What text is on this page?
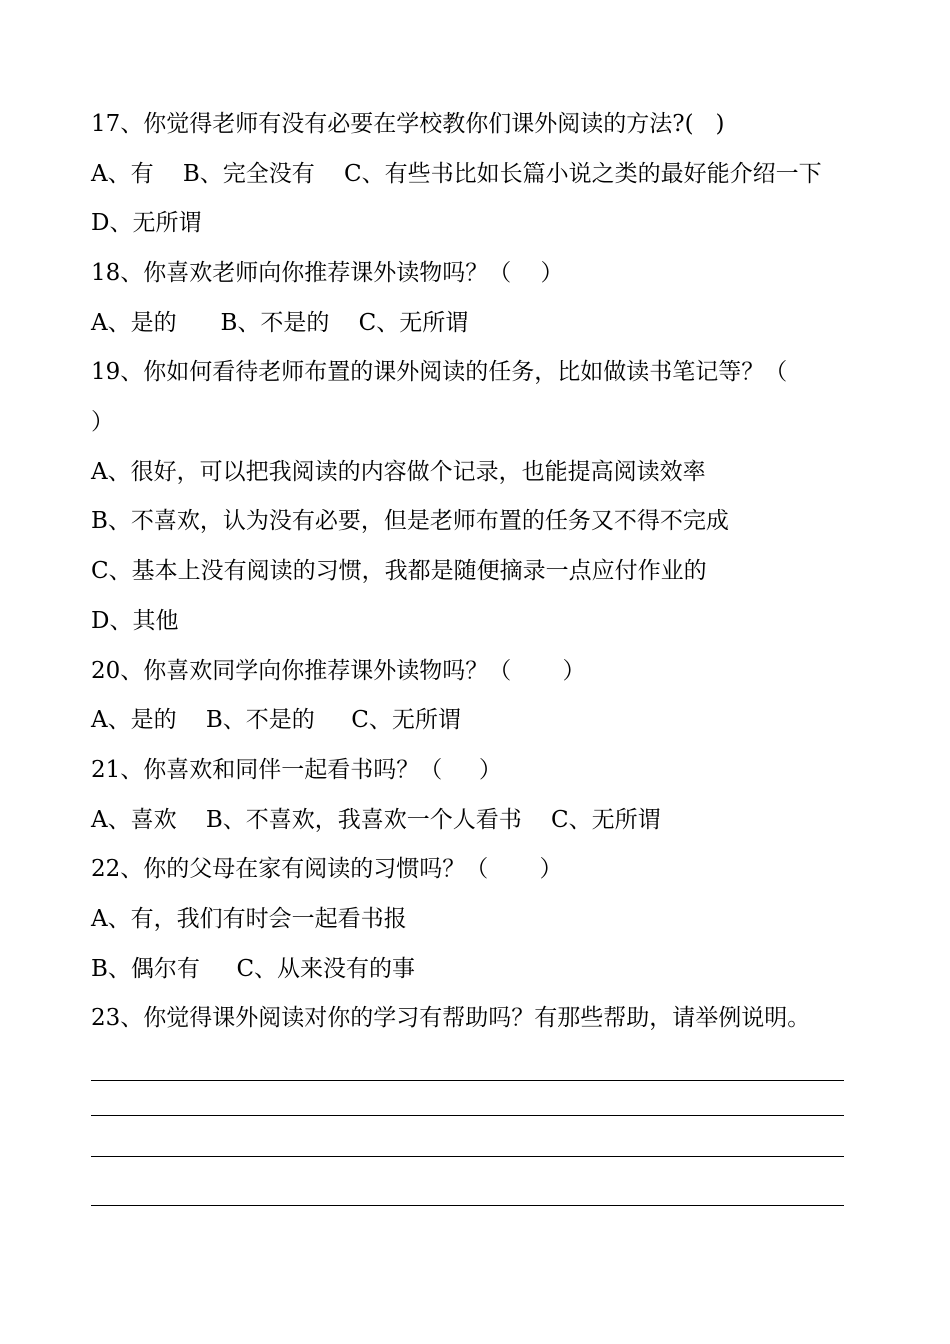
17、你觉得老师有没有必要在学校教你们课外阅读的方法?(   )
A、有    B、完全没有    C、有些书比如长篇小说之类的最好能介绍一下
D、无所谓
18、你喜欢老师向你推荐课外读物吗？（    ）
A、是的      B、不是的    C、无所谓
19、你如何看待老师布置的课外阅读的任务，比如做读书笔记等？（
）
A、很好，可以把我阅读的内容做个记录，也能提高阅读效率
B、不喜欢，认为没有必要，但是老师布置的任务又不得不完成
C、基本上没有阅读的习惯，我都是随便摘录一点应付作业的
D、其他
20、你喜欢同学向你推荐课外读物吗？（       ）
A、是的    B、不是的     C、无所谓
21、你喜欢和同伴一起看书吗？（     ）
A、喜欢    B、不喜欢，我喜欢一个人看书    C、无所谓
22、你的父母在家有阅读的习惯吗？（       ）
A、有，我们有时会一起看书报
B、偶尔有     C、从来没有的事
23、你觉得课外阅读对你的学习有帮助吗？有那些帮助，请举例说明。
